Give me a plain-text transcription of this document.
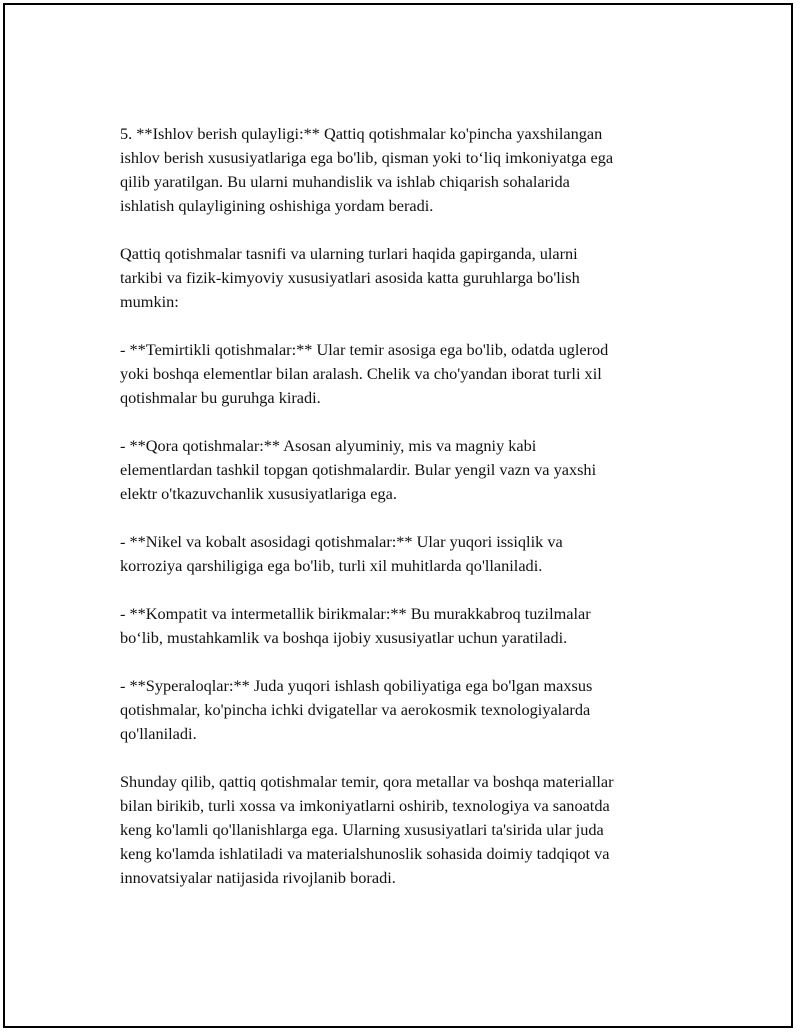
5. **Ishlov berish qulayligi:** Qattiq qotishmalar ko'pincha yaxshilangan
ishlov berish xususiyatlariga ega bo'lib, qisman yoki to‘liq imkoniyatga ega
qilib yaratilgan. Bu ularni muhandislik va ishlab chiqarish sohalarida
ishlatish qulayligining oshishiga yordam beradi.

Qattiq qotishmalar tasnifi va ularning turlari haqida gapirganda, ularni
tarkibi va fizik-kimyoviy xususiyatlari asosida katta guruhlarga bo'lish
mumkin:

- **Temirtikli qotishmalar:** Ular temir asosiga ega bo'lib, odatda uglerod
yoki boshqa elementlar bilan aralash. Chelik va cho'yandan iborat turli xil
qotishmalar bu guruhga kiradi.

- **Qora qotishmalar:** Asosan alyuminiy, mis va magniy kabi
elementlardan tashkil topgan qotishmalardir. Bular yengil vazn va yaxshi
elektr o'tkazuvchanlik xususiyatlariga ega.

- **Nikel va kobalt asosidagi qotishmalar:** Ular yuqori issiqlik va
korroziya qarshiligiga ega bo'lib, turli xil muhitlarda qo'llaniladi.

- **Kompatit va intermetallik birikmalar:** Bu murakkabroq tuzilmalar
bo‘lib, mustahkamlik va boshqa ijobiy xususiyatlar uchun yaratiladi.

- **Syperaloqlar:** Juda yuqori ishlash qobiliyatiga ega bo'lgan maxsus
qotishmalar, ko'pincha ichki dvigatellar va aerokosmik texnologiyalarda
qo'llaniladi.

Shunday qilib, qattiq qotishmalar temir, qora metallar va boshqa materiallar
bilan birikib, turli xossa va imkoniyatlarni oshirib, texnologiya va sanoatda
keng ko'lamli qo'llanishlarga ega. Ularning xususiyatlari ta'sirida ular juda
keng ko'lamda ishlatiladi va materialshunoslik sohasida doimiy tadqiqot va
innovatsiyalar natijasida rivojlanib boradi.
